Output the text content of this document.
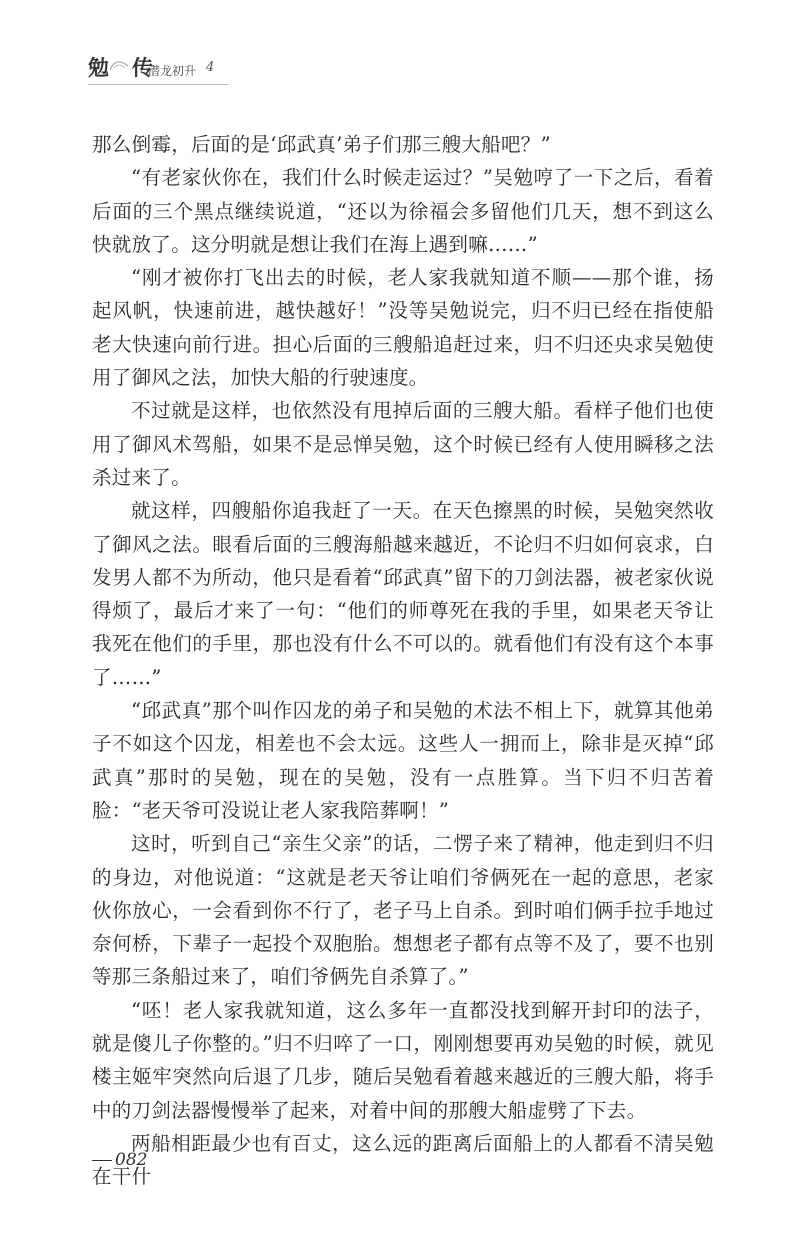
勉 传
潜龙初升 4

那么倒霉，后面的是‘邱武真’弟子们那三艘大船吧？”

“有老家伙你在，我们什么时候走运过？”吴勉哼了一下之后，看着后面的三个黑点继续说道，“还以为徐福会多留他们几天，想不到这么快就放了。这分明就是想让我们在海上遇到嘛……”

“刚才被你打飞出去的时候，老人家我就知道不顺——那个谁，扬起风帆，快速前进，越快越好！”没等吴勉说完，归不归已经在指使船老大快速向前行进。担心后面的三艘船追赶过来，归不归还央求吴勉使用了御风之法，加快大船的行驶速度。

不过就是这样，也依然没有甩掉后面的三艘大船。看样子他们也使用了御风术驾船，如果不是忌惮吴勉，这个时候已经有人使用瞬移之法杀过来了。

就这样，四艘船你追我赶了一天。在天色擦黑的时候，吴勉突然收了御风之法。眼看后面的三艘海船越来越近，不论归不归如何哀求，白发男人都不为所动，他只是看着“邱武真”留下的刀剑法器，被老家伙说得烦了，最后才来了一句：“他们的师尊死在我的手里，如果老天爷让我死在他们的手里，那也没有什么不可以的。就看他们有没有这个本事了……”

“邱武真”那个叫作囚龙的弟子和吴勉的术法不相上下，就算其他弟子不如这个囚龙，相差也不会太远。这些人一拥而上，除非是灭掉“邱武真”那时的吴勉，现在的吴勉，没有一点胜算。当下归不归苦着脸：“老天爷可没说让老人家我陪葬啊！”

这时，听到自己“亲生父亲”的话，二愣子来了精神，他走到归不归的身边，对他说道：“这就是老天爷让咱们爷俩死在一起的意思，老家伙你放心，一会看到你不行了，老子马上自杀。到时咱们俩手拉手地过奈何桥，下辈子一起投个双胞胎。想想老子都有点等不及了，要不也别等那三条船过来了，咱们爷俩先自杀算了。”

“呸！老人家我就知道，这么多年一直都没找到解开封印的法子，就是傻儿子你整的。”归不归啐了一口，刚刚想要再劝吴勉的时候，就见楼主姬牢突然向后退了几步，随后吴勉看着越来越近的三艘大船，将手中的刀剑法器慢慢举了起来，对着中间的那艘大船虚劈了下去。

两船相距最少也有百丈，这么远的距离后面船上的人都看不清吴勉在干什

082
